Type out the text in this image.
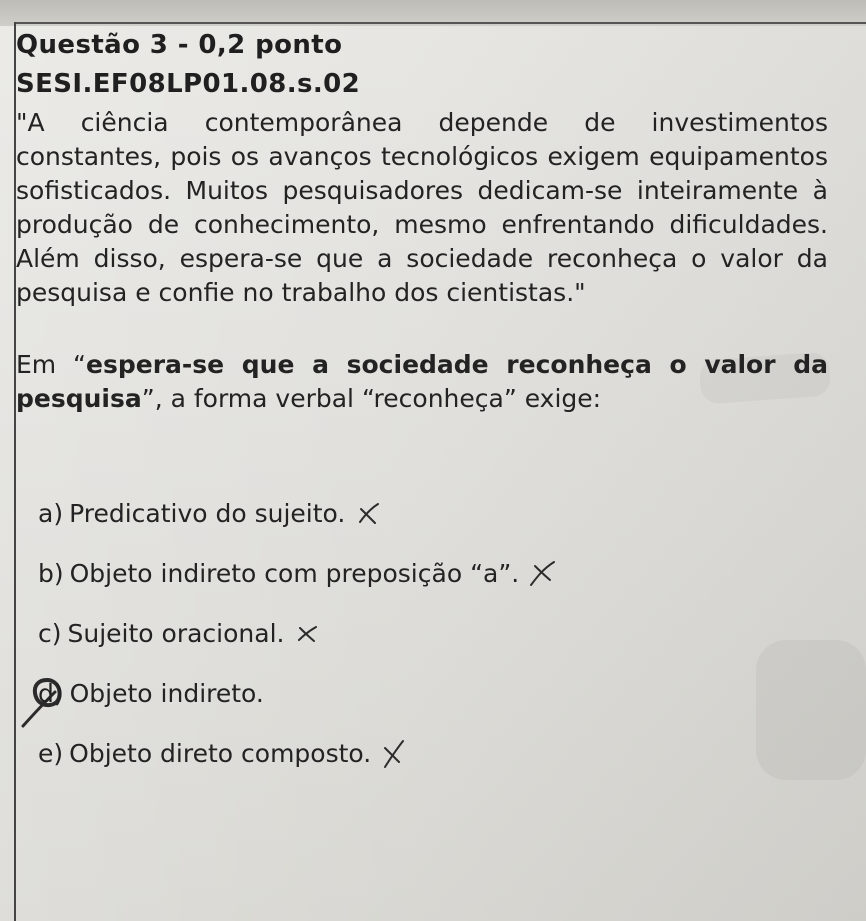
Questão 3 - 0,2 ponto
SESI.EF08LP01.08.s.02

"A ciência contemporânea depende de investimentos constantes, pois os avanços tecnológicos exigem equipamentos sofisticados. Muitos pesquisadores dedicam-se inteiramente à produção de conhecimento, mesmo enfrentando dificuldades. Além disso, espera-se que a sociedade reconheça o valor da pesquisa e confie no trabalho dos cientistas."

Em “espera-se que a sociedade reconheça o valor da pesquisa”, a forma verbal “reconheça” exige:

a) Predicativo do sujeito.
b) Objeto indireto com preposição “a”.
c) Sujeito oracional.
d) Objeto indireto.
e) Objeto direto composto.
